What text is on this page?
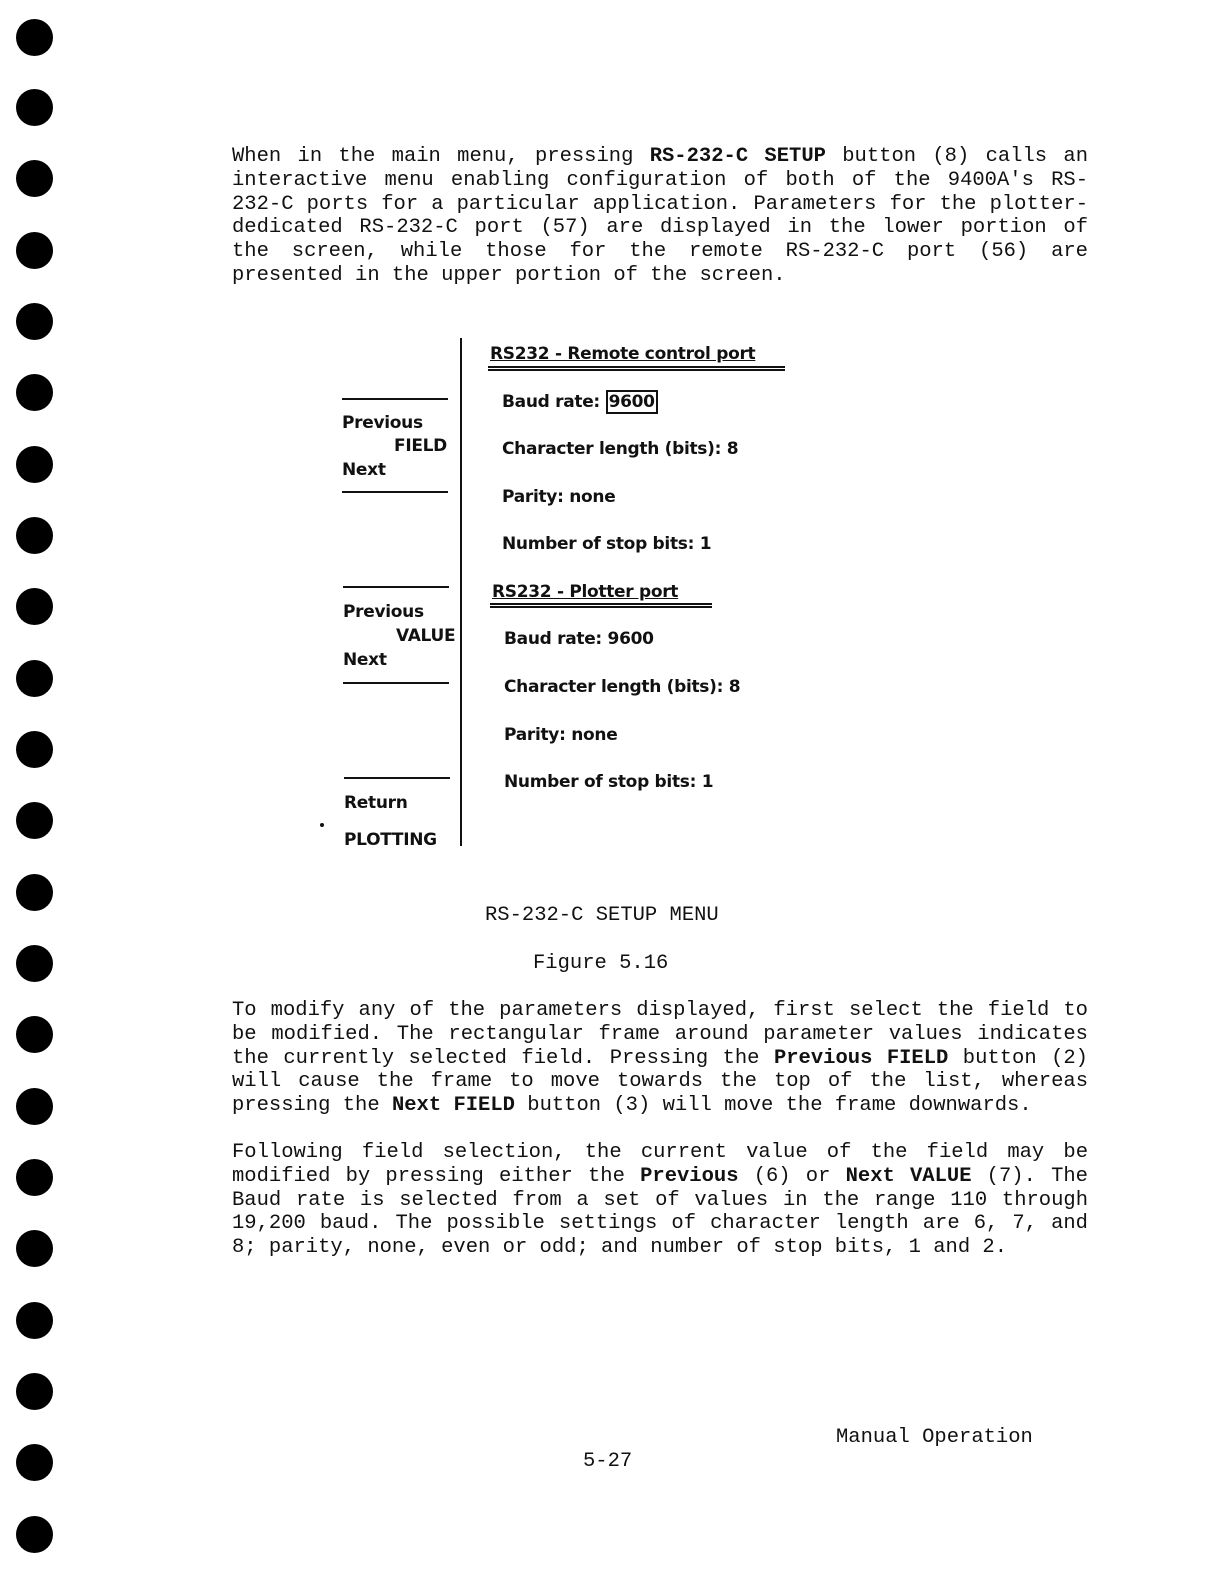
When in the main menu, pressing RS-232-C SETUP button (8) calls an interactive menu enabling configuration of both of the 9400A's RS-232-C ports for a particular application. Parameters for the plotter-dedicated RS-232-C port (57) are displayed in the lower portion of the screen, while those for the remote RS-232-C port (56) are presented in the upper portion of the screen.
Previous
FIELD
Next
Previous
VALUE
Next
Return
PLOTTING
RS232 - Remote control port
Baud rate: 9600
Character length (bits): 8
Parity: none
Number of stop bits: 1
RS232 - Plotter port
Baud rate: 9600
Character length (bits): 8
Parity: none
Number of stop bits: 1
RS-232-C SETUP MENU
Figure 5.16
To modify any of the parameters displayed, first select the field to be modified. The rectangular frame around parameter values indicates the currently selected field. Pressing the Previous FIELD button (2) will cause the frame to move towards the top of the list, whereas pressing the Next FIELD button (3) will move the frame downwards.
Following field selection, the current value of the field may be modified by pressing either the Previous (6) or Next VALUE (7). The Baud rate is selected from a set of values in the range 110 through 19,200 baud. The possible settings of character length are 6, 7, and 8; parity, none, even or odd; and number of stop bits, 1 and 2.
Manual Operation
5-27
